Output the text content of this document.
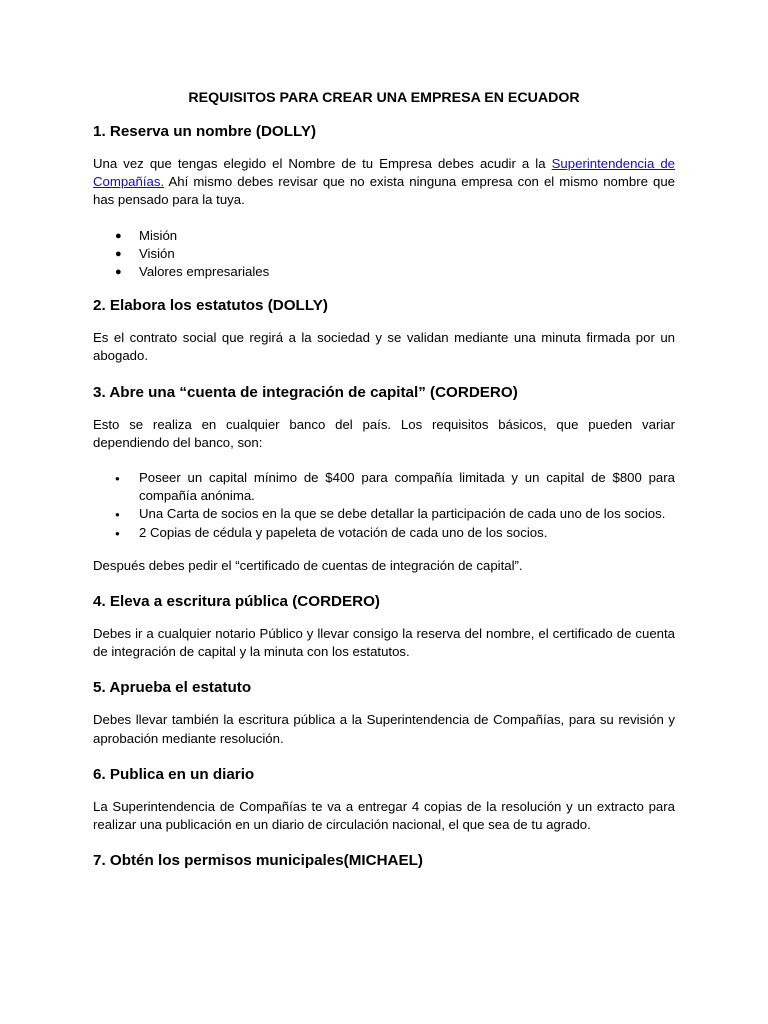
REQUISITOS PARA CREAR UNA EMPRESA EN ECUADOR
1. Reserva un nombre (DOLLY)

Una vez que tengas elegido el Nombre de tu Empresa debes acudir a la Superintendencia de Compañías. Ahí mismo debes revisar que no exista ninguna empresa con el mismo nombre que has pensado para la tuya.

● Misión
● Visión
● Valores empresariales
2. Elabora los estatutos (DOLLY)

Es el contrato social que regirá a la sociedad y se validan mediante una minuta firmada por un abogado.

3. Abre una “cuenta de integración de capital” (CORDERO)

Esto se realiza en cualquier banco del país. Los requisitos básicos, que pueden variar dependiendo del banco, son:

● Poseer un capital mínimo de $400 para compañía limitada y un capital de $800 para compañía anónima.
● Una Carta de socios en la que se debe detallar la participación de cada uno de los socios.
● 2 Copias de cédula y papeleta de votación de cada uno de los socios.

Después debes pedir el “certificado de cuentas de integración de capital”.

4. Eleva a escritura pública (CORDERO)

Debes ir a cualquier notario Público y llevar consigo la reserva del nombre, el certificado de cuenta de integración de capital y la minuta con los estatutos.

5. Aprueba el estatuto

Debes llevar también la escritura pública a la Superintendencia de Compañías, para su revisión y aprobación mediante resolución.

6. Publica en un diario

La Superintendencia de Compañías te va a entregar 4 copias de la resolución y un extracto para realizar una publicación en un diario de circulación nacional, el que sea de tu agrado.

7. Obtén los permisos municipales(MICHAEL)
